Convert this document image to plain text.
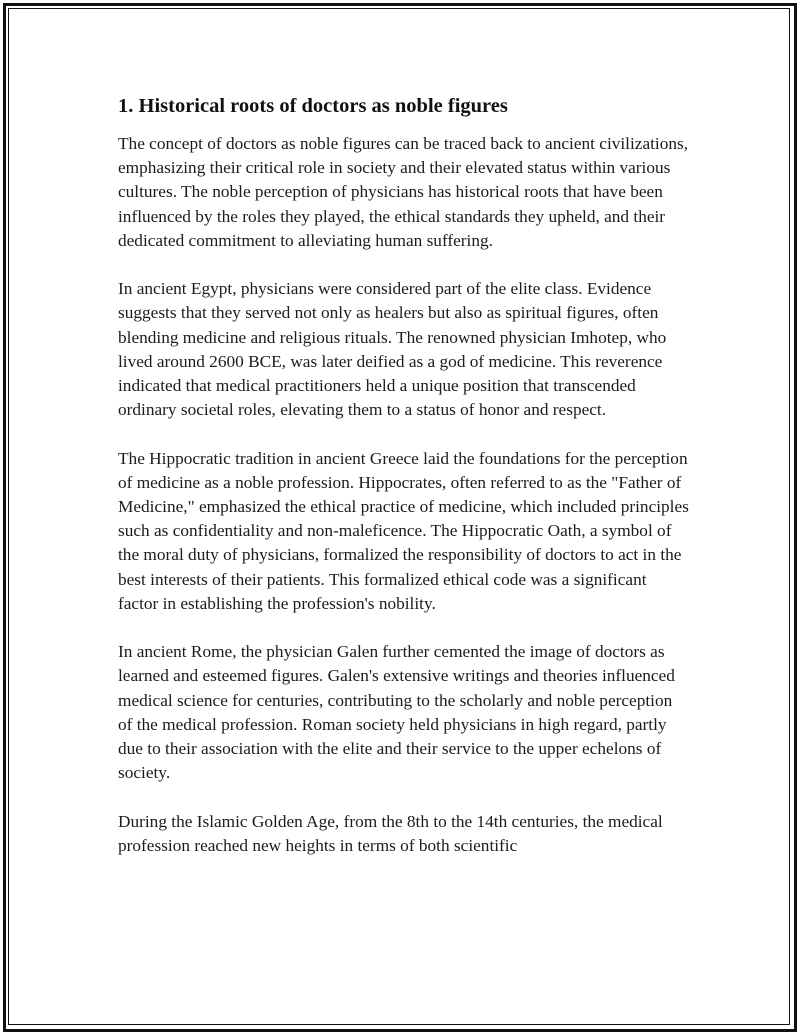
1. Historical roots of doctors as noble figures

The concept of doctors as noble figures can be traced back to ancient civilizations, emphasizing their critical role in society and their elevated status within various cultures. The noble perception of physicians has historical roots that have been influenced by the roles they played, the ethical standards they upheld, and their dedicated commitment to alleviating human suffering.

In ancient Egypt, physicians were considered part of the elite class. Evidence suggests that they served not only as healers but also as spiritual figures, often blending medicine and religious rituals. The renowned physician Imhotep, who lived around 2600 BCE, was later deified as a god of medicine. This reverence indicated that medical practitioners held a unique position that transcended ordinary societal roles, elevating them to a status of honor and respect.

The Hippocratic tradition in ancient Greece laid the foundations for the perception of medicine as a noble profession. Hippocrates, often referred to as the "Father of Medicine," emphasized the ethical practice of medicine, which included principles such as confidentiality and non-maleficence. The Hippocratic Oath, a symbol of the moral duty of physicians, formalized the responsibility of doctors to act in the best interests of their patients. This formalized ethical code was a significant factor in establishing the profession's nobility.

In ancient Rome, the physician Galen further cemented the image of doctors as learned and esteemed figures. Galen's extensive writings and theories influenced medical science for centuries, contributing to the scholarly and noble perception of the medical profession. Roman society held physicians in high regard, partly due to their association with the elite and their service to the upper echelons of society.

During the Islamic Golden Age, from the 8th to the 14th centuries, the medical profession reached new heights in terms of both scientific
